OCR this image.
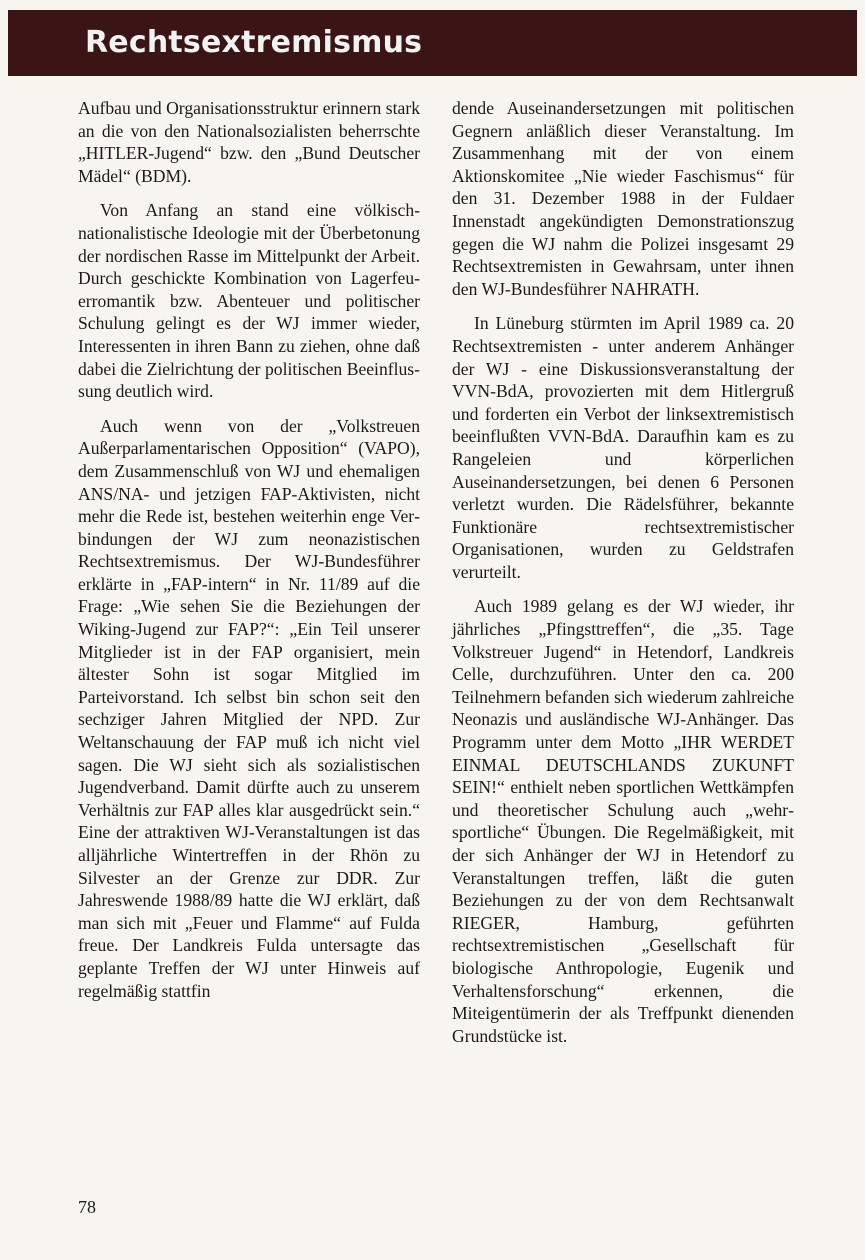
Rechtsextremismus

Aufbau und Organisationsstruktur erinnern stark an die von den Nationalsozialisten beherrschte „HITLER-Jugend“ bzw. den „Bund Deutscher Mädel“ (BDM).

Von Anfang an stand eine völkisch-nationalistische Ideologie mit der Überbetonung der nordischen Rasse im Mittelpunkt der Arbeit. Durch geschickte Kombination von Lagerfeuerromantik bzw. Abenteuer und politischer Schulung gelingt es der WJ immer wieder, Interessenten in ihren Bann zu ziehen, ohne daß dabei die Zielrichtung der politischen Beeinflussung deutlich wird.

Auch wenn von der „Volkstreuen Außerparlamentarischen Opposition“ (VAPO), dem Zusammenschluß von WJ und ehemaligen ANS/NA- und jetzigen FAP-Aktivisten, nicht mehr die Rede ist, bestehen weiterhin enge Verbindungen der WJ zum neonazistischen Rechtsextremismus. Der WJ-Bundesführer erklärte in „FAP-intern“ in Nr. 11/89 auf die Frage: „Wie sehen Sie die Beziehungen der Wiking-Jugend zur FAP?“: „Ein Teil unserer Mitglieder ist in der FAP organisiert, mein ältester Sohn ist sogar Mitglied im Parteivorstand. Ich selbst bin schon seit den sechziger Jahren Mitglied der NPD. Zur Weltanschauung der FAP muß ich nicht viel sagen. Die WJ sieht sich als sozialistischen Jugendverband. Damit dürfte auch zu unserem Verhältnis zur FAP alles klar ausgedrückt sein.“ Eine der attraktiven WJ-Veranstaltungen ist das alljährliche Wintertreffen in der Rhön zu Silvester an der Grenze zur DDR. Zur Jahreswende 1988/89 hatte die WJ erklärt, daß man sich mit „Feuer und Flamme“ auf Fulda freue. Der Landkreis Fulda untersagte das geplante Treffen der WJ unter Hinweis auf regelmäßig stattfin

dende Auseinandersetzungen mit politischen Gegnern anläßlich dieser Veranstaltung. Im Zusammenhang mit der von einem Aktionskomitee „Nie wieder Faschismus“ für den 31. Dezember 1988 in der Fuldaer Innenstadt angekündigten Demonstrationszug gegen die WJ nahm die Polizei insgesamt 29 Rechtsextremisten in Gewahrsam, unter ihnen den WJ-Bundesführer NAHRATH.

In Lüneburg stürmten im April 1989 ca. 20 Rechtsextremisten - unter anderem Anhänger der WJ - eine Diskussionsveranstaltung der VVN-BdA, provozierten mit dem Hitlergruß und forderten ein Verbot der linksextremistisch beeinflußten VVN-BdA. Daraufhin kam es zu Rangeleien und körperlichen Auseinandersetzungen, bei denen 6 Personen verletzt wurden. Die Rädelsführer, bekannte Funktionäre rechtsextremistischer Organisationen, wurden zu Geldstrafen verurteilt.

Auch 1989 gelang es der WJ wieder, ihr jährliches „Pfingsttreffen“, die „35. Tage Volkstreuer Jugend“ in Hetendorf, Landkreis Celle, durchzuführen. Unter den ca. 200 Teilnehmern befanden sich wiederum zahlreiche Neonazis und ausländische WJ-Anhänger. Das Programm unter dem Motto „IHR WERDET EINMAL DEUTSCHLANDS ZUKUNFT SEIN!“ enthielt neben sportlichen Wettkämpfen und theoretischer Schulung auch „wehrsportliche“ Übungen. Die Regelmäßigkeit, mit der sich Anhänger der WJ in Hetendorf zu Veranstaltungen treffen, läßt die guten Beziehungen zu der von dem Rechtsanwalt RIEGER, Hamburg, geführten rechtsextremistischen „Gesellschaft für biologische Anthropologie, Eugenik und Verhaltensforschung“ erkennen, die Miteigentümerin der als Treffpunkt dienenden Grundstücke ist.

78
